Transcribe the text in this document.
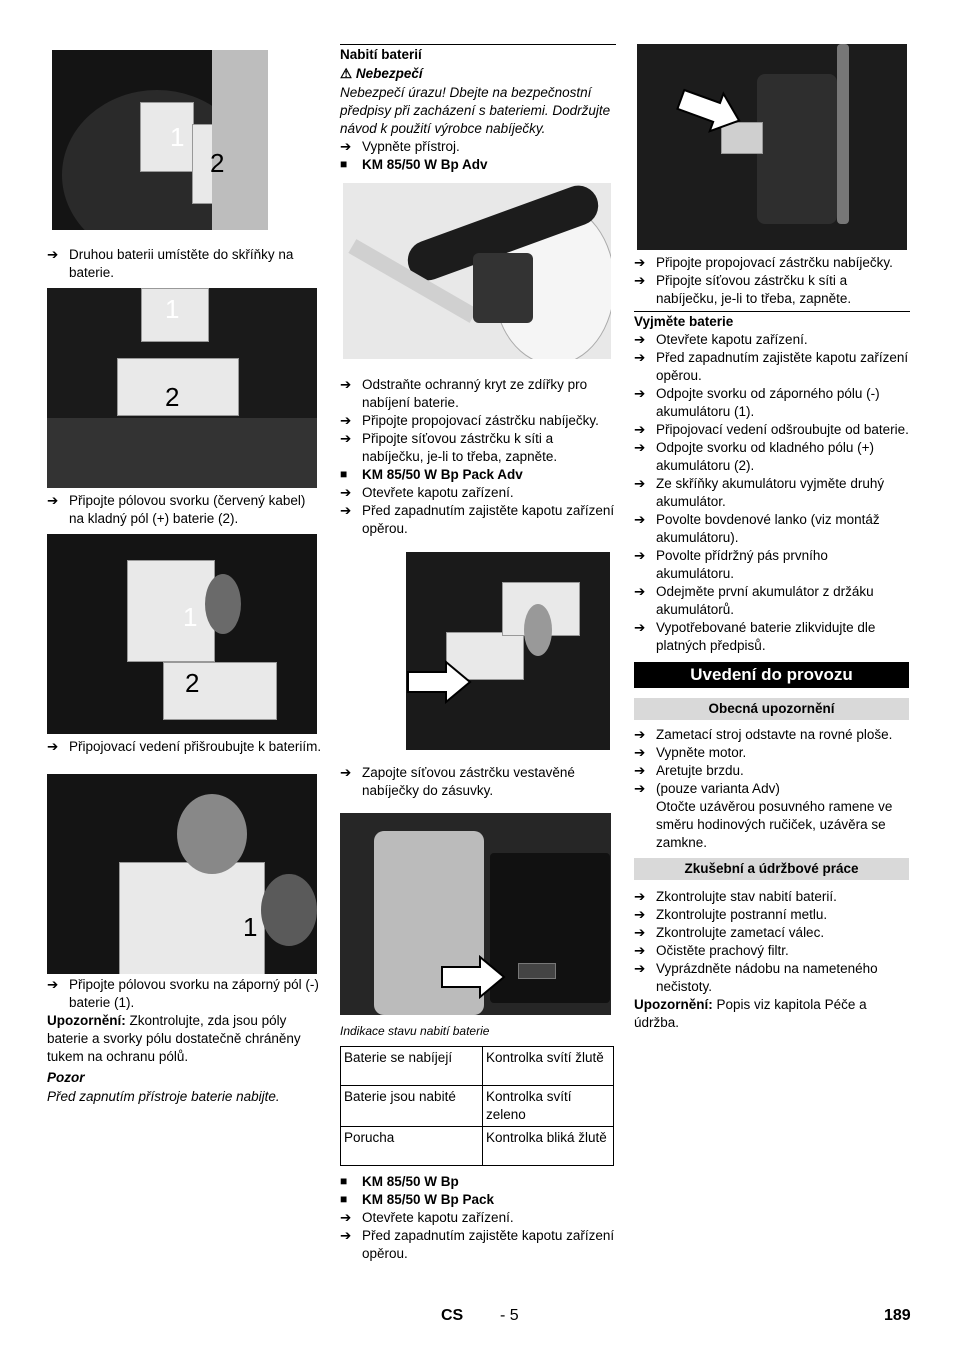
1
2

➔ Druhou baterii umístěte do skříňky na baterie.

1
2

➔ Připojte pólovou svorku (červený kabel) na kladný pól (+) baterie (2).

1
2

➔ Připojovací vedení přišroubujte k bateriím.

1

➔ Připojte pólovou svorku na záporný pól (-) baterie (1).

Upozornění: Zkontrolujte, zda jsou póly baterie a svorky pólu dostatečně chráněny tukem na ochranu pólů.

Pozor

Před zapnutím přístroje baterie nabijte.

Nabití baterií

⚠ Nebezpečí

Nebezpečí úrazu! Dbejte na bezpečnostní předpisy při zacházení s bateriemi. Dodržujte návod k použití výrobce nabíječky.

➔ Vypněte přístroj.

■ KM 85/50 W Bp Adv

➔ Odstraňte ochranný kryt ze zdířky pro nabíjení baterie.

➔ Připojte propojovací zástrčku nabíječky.

➔ Připojte síťovou zástrčku k síti a nabíječku, je-li to třeba, zapněte.

■ KM 85/50 W Bp Pack Adv

➔ Otevřete kapotu zařízení.

➔ Před zapadnutím zajistěte kapotu zařízení opěrou.

➔ Zapojte síťovou zástrčku vestavěné nabíječky do zásuvky.

Indikace stavu nabití baterie

Baterie se nabíjejí	Kontrolka svítí žlutě
Baterie jsou nabité	Kontrolka svítí zeleno
Porucha	Kontrolka bliká žlutě

■ KM 85/50 W Bp

■ KM 85/50 W Bp Pack

➔ Otevřete kapotu zařízení.

➔ Před zapadnutím zajistěte kapotu zařízení opěrou.

➔ Připojte propojovací zástrčku nabíječky.

➔ Připojte síťovou zástrčku k síti a nabíječku, je-li to třeba, zapněte.

Vyjměte baterie

➔ Otevřete kapotu zařízení.

➔ Před zapadnutím zajistěte kapotu zařízení opěrou.

➔ Odpojte svorku od záporného pólu (-) akumulátoru (1).

➔ Připojovací vedení odšroubujte od baterie.

➔ Odpojte svorku od kladného pólu (+) akumulátoru (2).

➔ Ze skříňky akumulátoru vyjměte druhý akumulátor.

➔ Povolte bovdenové lanko (viz montáž akumulátoru).

➔ Povolte přídržný pás prvního akumulátoru.

➔ Odejměte první akumulátor z držáku akumulátorů.

➔ Vypotřebované baterie zlikvidujte dle platných předpisů.

Uvedení do provozu
Obecná upozornění

➔ Zametací stroj odstavte na rovné ploše.

➔ Vypněte motor.

➔ Aretujte brzdu.

➔ (pouze varianta Adv)

Otočte uzávěrou posuvného ramene ve směru hodinových ručiček, uzávěra se zamkne.

Zkušební a údržbové práce

➔ Zkontrolujte stav nabití baterií.

➔ Zkontrolujte postranní metlu.

➔ Zkontrolujte zametací válec.

➔ Očistěte prachový filtr.

➔ Vyprázdněte nádobu na nameteného nečistoty.

Upozornění: Popis viz kapitola Péče a údržba.

CS - 5	189
